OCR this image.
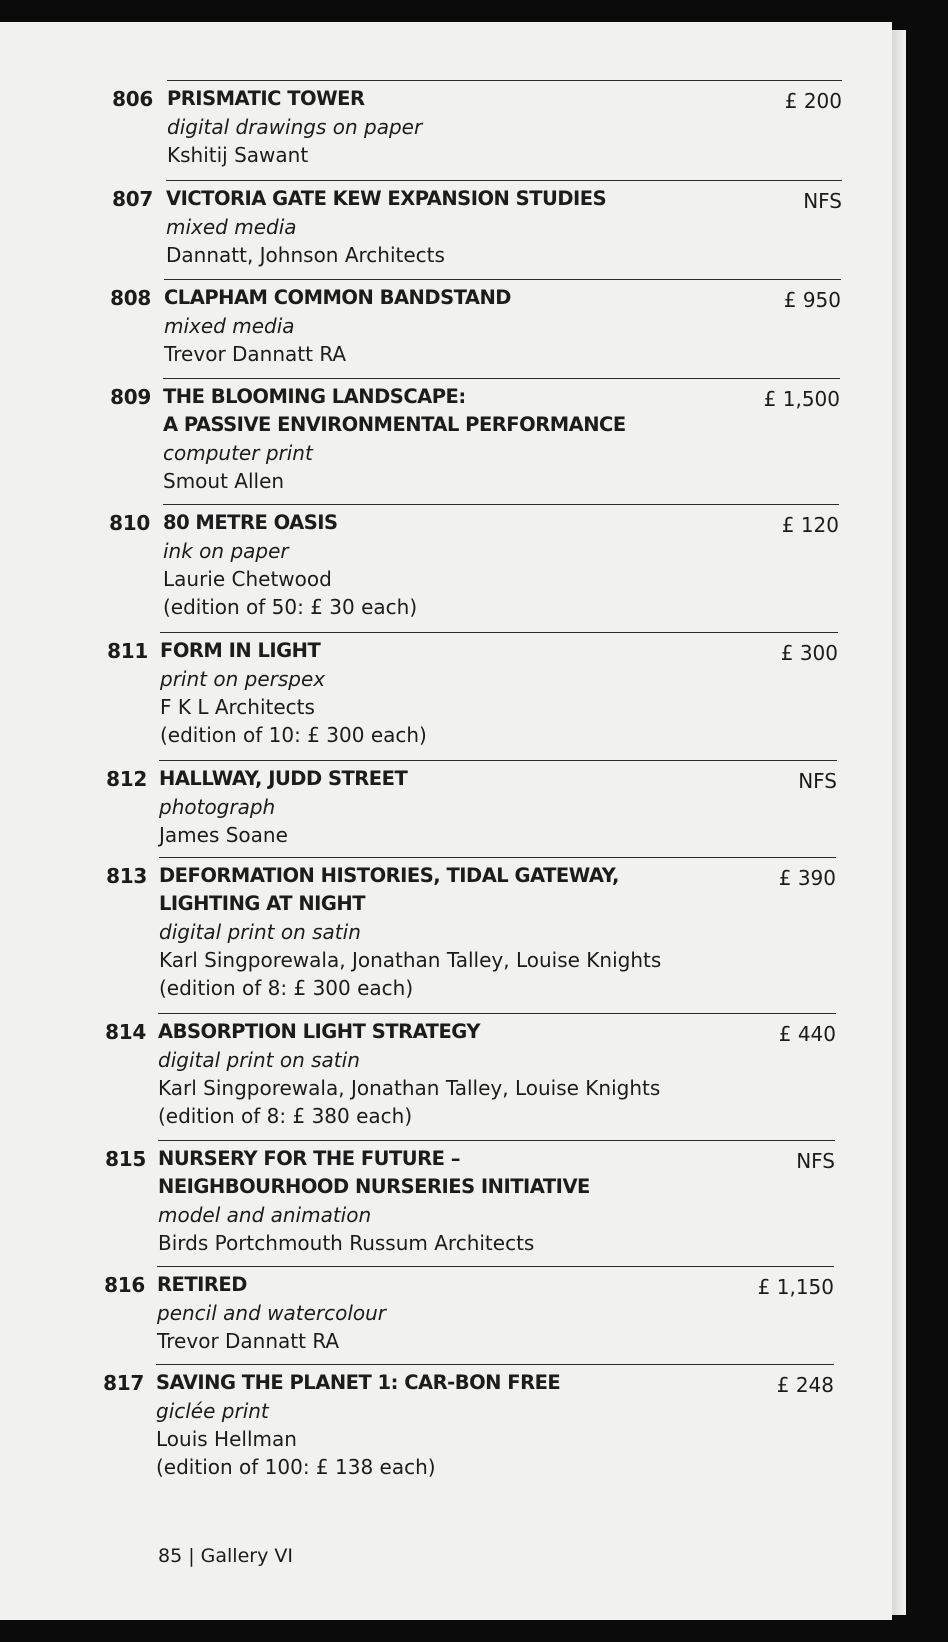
806 PRISMATIC TOWER
digital drawings on paper
Kshitij Sawant
£ 200
807 VICTORIA GATE KEW EXPANSION STUDIES
mixed media
Dannatt, Johnson Architects
NFS
808 CLAPHAM COMMON BANDSTAND
mixed media
Trevor Dannatt RA
£ 950
809 THE BLOOMING LANDSCAPE:
A PASSIVE ENVIRONMENTAL PERFORMANCE
computer print
Smout Allen
£ 1,500
810 80 METRE OASIS
ink on paper
Laurie Chetwood
(edition of 50: £ 30 each)
£ 120
811 FORM IN LIGHT
print on perspex
F K L Architects
(edition of 10: £ 300 each)
£ 300
812 HALLWAY, JUDD STREET
photograph
James Soane
NFS
813 DEFORMATION HISTORIES, TIDAL GATEWAY,
LIGHTING AT NIGHT
digital print on satin
Karl Singporewala, Jonathan Talley, Louise Knights
(edition of 8: £ 300 each)
£ 390
814 ABSORPTION LIGHT STRATEGY
digital print on satin
Karl Singporewala, Jonathan Talley, Louise Knights
(edition of 8: £ 380 each)
£ 440
815 NURSERY FOR THE FUTURE –
NEIGHBOURHOOD NURSERIES INITIATIVE
model and animation
Birds Portchmouth Russum Architects
NFS
816 RETIRED
pencil and watercolour
Trevor Dannatt RA
£ 1,150
817 SAVING THE PLANET 1: CAR-BON FREE
giclée print
Louis Hellman
(edition of 100: £ 138 each)
£ 248
85 | Gallery VI
